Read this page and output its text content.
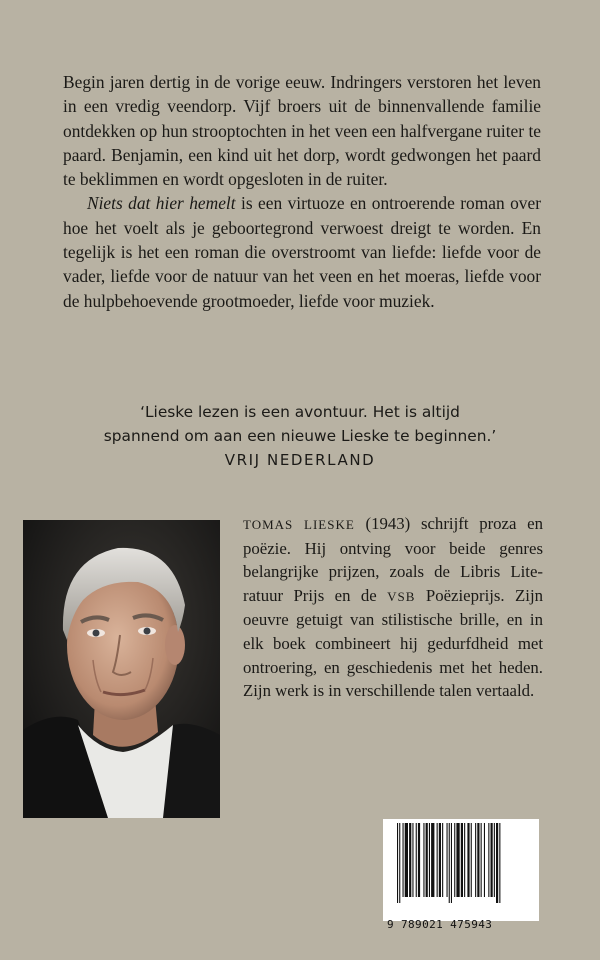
Begin jaren dertig in de vorige eeuw. Indringers verstoren het leven in een vredig veendorp. Vijf broers uit de binnenvallende familie ontdekken op hun strooptochten in het veen een halfvergane ruiter te paard. Benjamin, een kind uit het dorp, wordt gedwongen het paard te beklimmen en wordt opgesloten in de ruiter.

Niets dat hier hemelt is een virtuoze en ontroerende roman over hoe het voelt als je geboortegrond verwoest dreigt te worden. En tegelijk is het een roman die overstroomt van liefde: liefde voor de vader, liefde voor de natuur van het veen en het moeras, liefde voor de hulpbehoevende grootmoeder, liefde voor muziek.

‘Lieske lezen is een avontuur. Het is altijd
spannend om aan een nieuwe Lieske te beginnen.’
VRIJ NEDERLAND
TOMAS LIESKE (1943) schrijft proza en poëzie. Hij ontving voor beide genres belangrijke prijzen, zoals de Libris Literatuur Prijs en de VSB Poëzieprijs. Zijn oeuvre getuigt van stilistische brille, en in elk boek combineert hij gedurfdheid met ontroering, en geschiedenis met het heden. Zijn werk is in verschillende talen vertaald.
9 789021 475943
